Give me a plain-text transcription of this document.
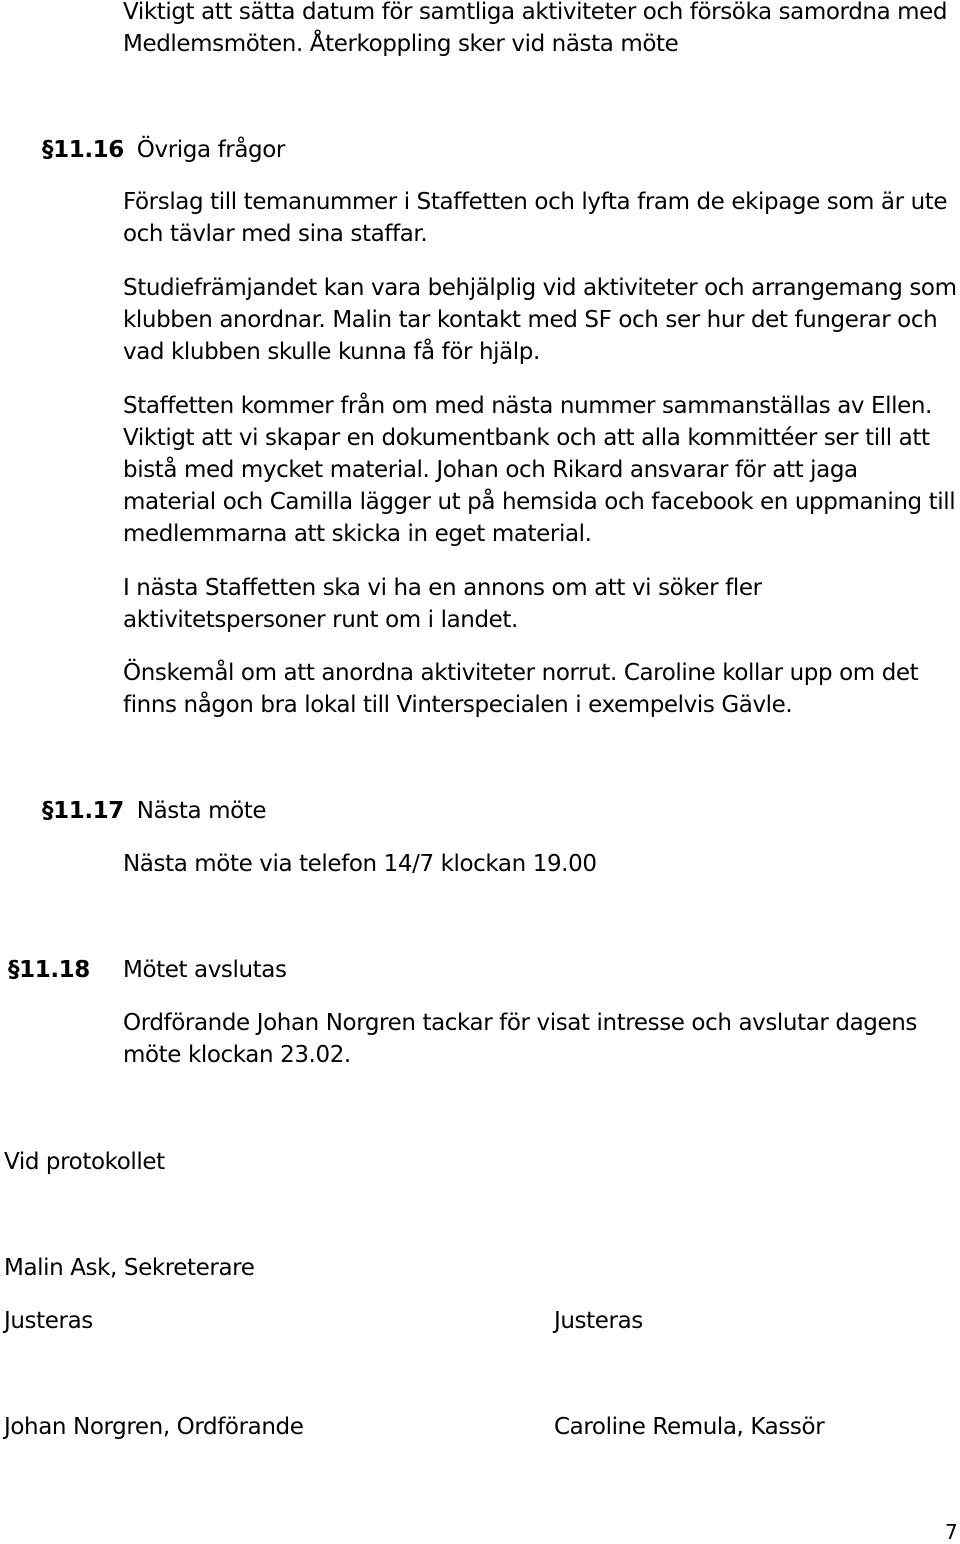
Viktigt att sätta datum för samtliga aktiviteter och försöka samordna med
Medlemsmöten. Återkoppling sker vid nästa möte
§11.16 Övriga frågor
Förslag till temanummer i Staffetten och lyfta fram de ekipage som är ute
och tävlar med sina staffar.
Studiefrämjandet kan vara behjälplig vid aktiviteter och arrangemang som
klubben anordnar. Malin tar kontakt med SF och ser hur det fungerar och
vad klubben skulle kunna få för hjälp.
Staffetten kommer från om med nästa nummer sammanställas av Ellen.
Viktigt att vi skapar en dokumentbank och att alla kommittéer ser till att
bistå med mycket material. Johan och Rikard ansvarar för att jaga
material och Camilla lägger ut på hemsida och facebook en uppmaning till
medlemmarna att skicka in eget material.
I nästa Staffetten ska vi ha en annons om att vi söker fler
aktivitetspersoner runt om i landet.
Önskemål om att anordna aktiviteter norrut. Caroline kollar upp om det
finns någon bra lokal till Vinterspecialen i exempelvis Gävle.
§11.17 Nästa möte
Nästa möte via telefon 14/7 klockan 19.00
§11.18 Mötet avslutas
Ordförande Johan Norgren tackar för visat intresse och avslutar dagens
möte klockan 23.02.
Vid protokollet
Malin Ask, Sekreterare
Justeras	Justeras
Johan Norgren, Ordförande	Caroline Remula, Kassör
7
